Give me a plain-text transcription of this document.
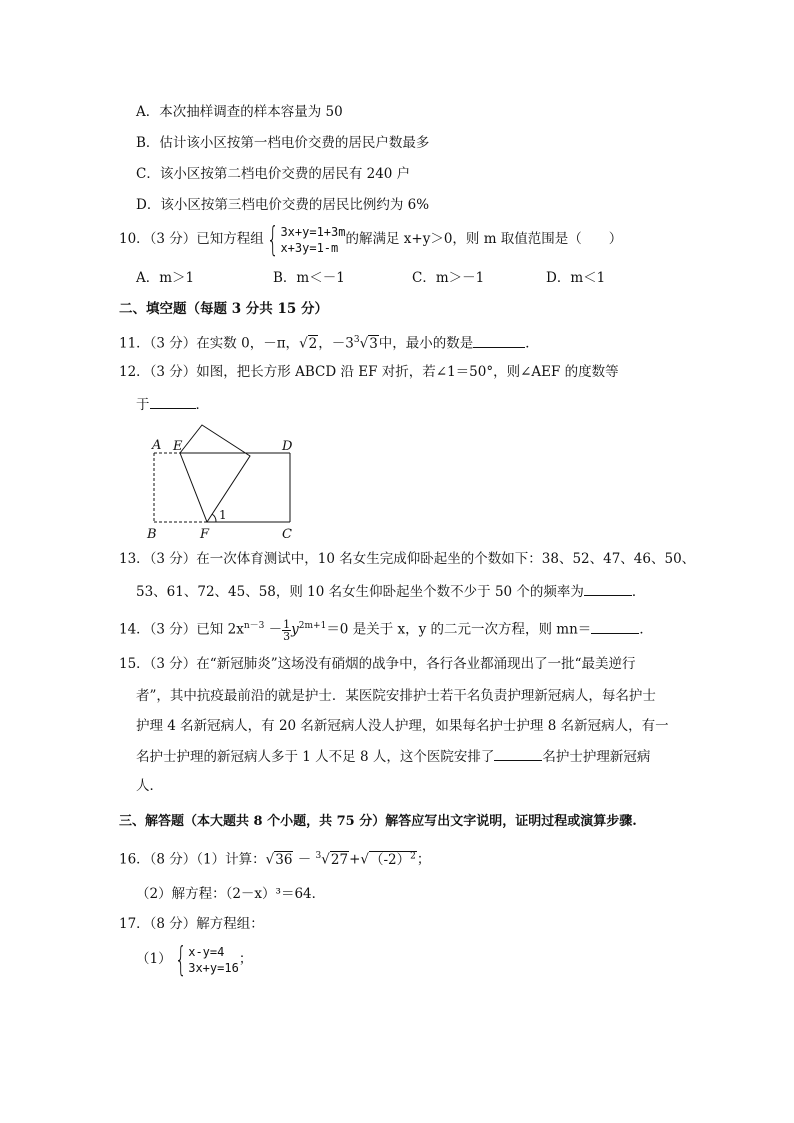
A．本次抽样调查的样本容量为 50
B．估计该小区按第一档电价交费的居民户数最多
C．该小区按第二档电价交费的居民有 240 户
D．该小区按第三档电价交费的居民比例约为 6%
10．（3 分）已知方程组{ 3x+y=1+3m
x+3y=1-m
的解满足 x+y＞0，则 m 取值范围是（　　）
A．m＞1	B．m＜－1	C．m＞－1	D．m＜1
二、填空题（每题 3 分共 15 分）
11．（3 分）在实数 0，－π，√2，$-3^3√3$中，最小的数是	．
12．（3 分）如图，把长方形 ABCD 沿 EF 对折，若∠1＝50°，则∠AEF 的度数等
于	．
A E	D
B	F	C
1
13．（3 分）在一次体育测试中，10 名女生完成仰卧起坐的个数如下：38、52、47、46、50、
53、61、72、45、58，则 10 名女生仰卧起坐个数不少于 50 个的频率为	．
14．（3 分）已知 $2x^{n-3} - \frac{1}{3} y^{2m+1}=0$ 是关于 x，y 的二元一次方程，则 mn＝	．
15．（3 分）在“新冠肺炎”这场没有硝烟的战争中，各行各业都涌现出了一批“最美逆行
者”，其中抗疫最前沿的就是护士．某医院安排护士若干名负责护理新冠病人，每名护士
护理 4 名新冠病人，有 20 名新冠病人没人护理，如果每名护士护理 8 名新冠病人，有一
名护士护理的新冠病人多于 1 人不足 8 人，这个医院安排了	名护士护理新冠病
人．
三、解答题（本大题共 8 个小题，共 75 分）解答应写出文字说明，证明过程或演算步骤.
16．（8 分）（1）计算：$√36 - ^3√27+√(-2)^2$；
（2）解方程：（2－x）³＝64．
17．（8 分）解方程组：
（1）{ x-y=4
3x+y=16
；
